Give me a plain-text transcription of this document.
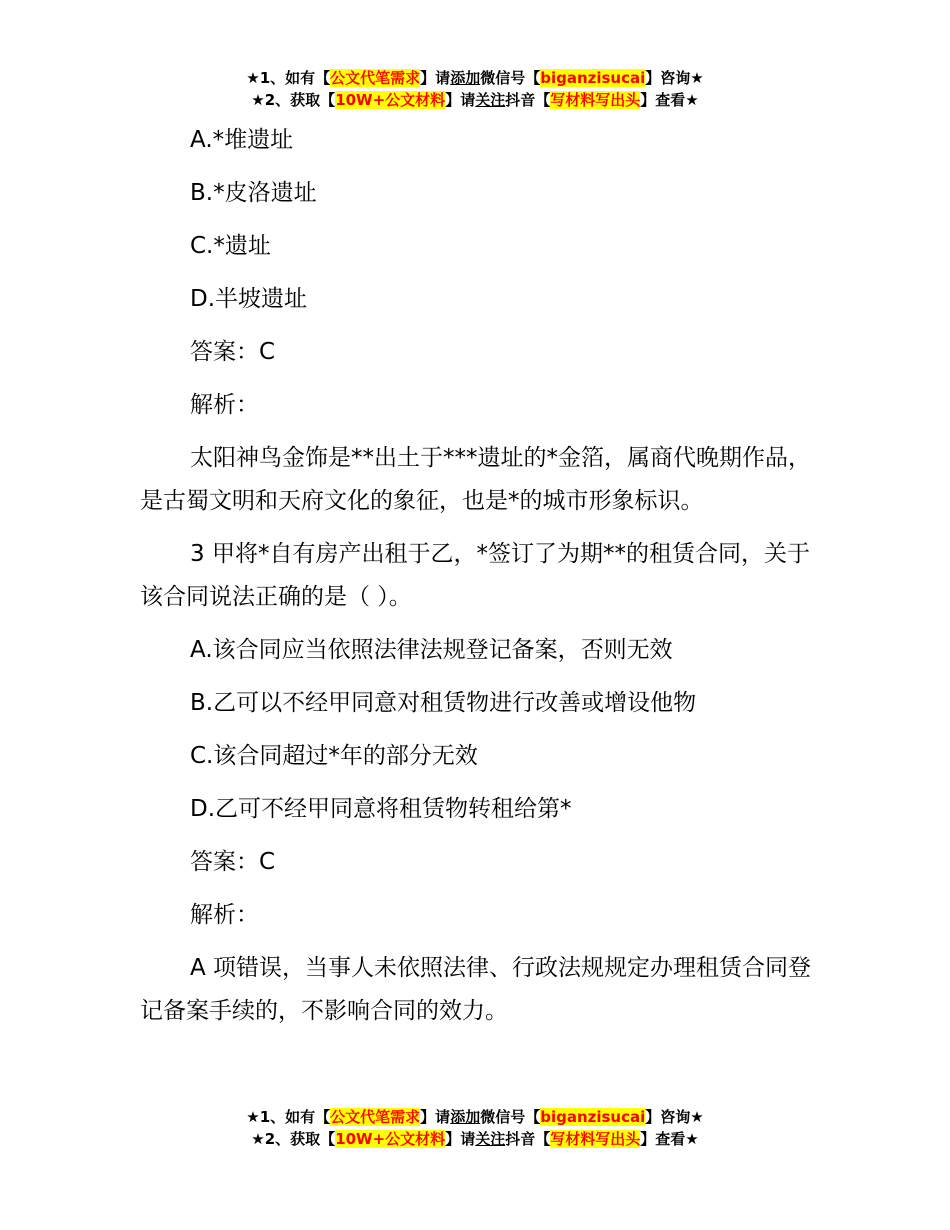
★1、如有【公文代笔需求】请添加微信号【biganzisucai】咨询★
★2、获取【10W+公文材料】请关注抖音【写材料写出头】查看★

A.*堆遗址

B.*皮洛遗址

C.*遗址

D.半坡遗址

答案：C

解析：

太阳神鸟金饰是**出土于***遗址的*金箔，属商代晚期作品，是古蜀文明和天府文化的象征，也是*的城市形象标识。

3 甲将*自有房产出租于乙，*签订了为期**的租赁合同，关于该合同说法正确的是（ ）。

A.该合同应当依照法律法规登记备案，否则无效

B.乙可以不经甲同意对租赁物进行改善或增设他物

C.该合同超过*年的部分无效

D.乙可不经甲同意将租赁物转租给第*

答案：C

解析：

A 项错误，当事人未依照法律、行政法规规定办理租赁合同登记备案手续的，不影响合同的效力。

★1、如有【公文代笔需求】请添加微信号【biganzisucai】咨询★
★2、获取【10W+公文材料】请关注抖音【写材料写出头】查看★
